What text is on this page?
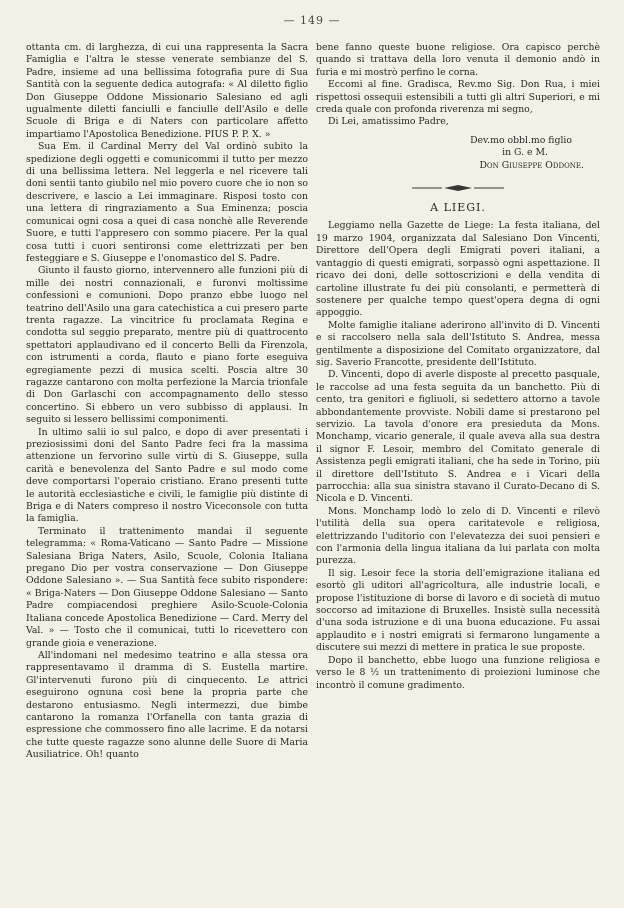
— 149 —

ottanta cm. di larghezza, di cui una rappresenta la Sacra Famiglia e l'altra le stesse venerate sembianze del S. Padre, insieme ad una bellissima fotografia pure di Sua Santità con la seguente dedica autografa: « Al diletto figlio Don Giuseppe Oddone Missionario Salesiano ed agli ugualmente diletti fanciulli e fanciulle dell'Asilo e delle Scuole di Briga e di Naters con particolare affetto impartiamo l'Apostolica Benedizione. PIUS P. P. X. »

Sua Em. il Cardinal Merry del Val ordinò subito la spedizione degli oggetti e comunicommi il tutto per mezzo di una bellissima lettera. Nel leggerla e nel ricevere tali doni sentii tanto giubilo nel mio povero cuore che io non so descrivere, e lascio a Lei immaginare. Risposi tosto con una lettera di ringraziamento a Sua Eminenza; poscia comunicai ogni cosa a quei di casa nonchè alle Reverende Suore, e tutti l'appresero con sommo piacere. Per la qual cosa tutti i cuori sentironsi come elettrizzati per ben festeggiare e S. Giuseppe e l'onomastico del S. Padre.

Giunto il fausto giorno, intervennero alle funzioni più di mille dei nostri connazionali, e furonvi moltissime confessioni e comunioni. Dopo pranzo ebbe luogo nel teatrino dell'Asilo una gara catechistica a cui presero parte trenta ragazze. La vincitrice fu proclamata Regina e condotta sul seggio preparato, mentre più di quattrocento spettatori applaudivano ed il concerto Belli da Firenzola, con istrumenti a corda, flauto e piano forte eseguiva egregiamente pezzi di musica scelti. Poscia altre 30 ragazze cantarono con molta perfezione la Marcia trionfale di Don Garlaschi con accompagnamento dello stesso concertino. Si ebbero un vero subbisso di applausi. In seguito si lessero bellissimi componimenti.

In ultimo salii io sul palco, e dopo di aver presentati i preziosissimi doni del Santo Padre feci fra la massima attenzione un fervorino sulle virtù di S. Giuseppe, sulla carità e benevolenza del Santo Padre e sul modo come deve comportarsi l'operaio cristiano. Erano presenti tutte le autorità ecclesiastiche e civili, le famiglie più distinte di Briga e di Naters compreso il nostro Viceconsole con tutta la famiglia.

Terminato il trattenimento mandai il seguente telegramma: « Roma-Vaticano — Santo Padre — Missione Salesiana Briga Naters, Asilo, Scuole, Colonia Italiana pregano Dio per vostra conservazione — Don Giuseppe Oddone Salesiano ». — Sua Santità fece subito rispondere: « Briga-Naters — Don Giuseppe Oddone Salesiano — Santo Padre compiacendosi preghiere Asilo-Scuole-Colonia Italiana concede Apostolica Benedizione — Card. Merry del Val. » — Tosto che il comunicai, tutti lo ricevettero con grande gioia e venerazione.

All'indomani nel medesimo teatrino e alla stessa ora rappresentavamo il dramma di S. Eustella martire. Gl'intervenuti furono più di cinquecento. Le attrici eseguirono ognuna così bene la propria parte che destarono entusiasmo. Negli intermezzi, due bimbe cantarono la romanza l'Orfanella con tanta grazia di espressione che commossero fino alle lacrime. E da notarsi che tutte queste ragazze sono alunne delle Suore di Maria Ausiliatrice. Oh! quanto

bene fanno queste buone religiose. Ora capisco perchè quando si trattava della loro venuta il demonio andò in furia e mi mostrò perfino le corna.

Eccomi al fine. Gradisca, Rev.mo Sig. Don Rua, i miei rispettosi ossequii estensibili a tutti gli altri Superiori, e mi creda quale con profonda riverenza mi segno,

Di Lei, amatissimo Padre,

Dev.mo obbl.mo figlio
in G. e M.
Don Giuseppe Oddone.
A LIEGI.

Leggiamo nella Gazette de Liege: La festa italiana, del 19 marzo 1904, organizzata dal Salesiano Don Vincenti, Direttore dell'Opera degli Emigrati poveri italiani, a vantaggio di questi emigrati, sorpassò ogni aspettazione. Il ricavo dei doni, delle sottoscrizioni e della vendita di cartoline illustrate fu dei più consolanti, e permetterà di sostenere per qualche tempo quest'opera degna di ogni appoggio.

Molte famiglie italiane aderirono all'invito di D. Vincenti e si raccolsero nella sala dell'Istituto S. Andrea, messa gentilmente a disposizione del Comitato organizzatore, dal sig. Saverio Francotte, presidente dell'Istituto.

D. Vincenti, dopo di averle disposte al precetto pasquale, le raccolse ad una festa seguita da un banchetto. Più di cento, tra genitori e figliuoli, si sedettero attorno a tavole abbondantemente provviste. Nobili dame si prestarono pel servizio. La tavola d'onore era presieduta da Mons. Monchamp, vicario generale, il quale aveva alla sua destra il signor F. Lesoir, membro del Comitato generale di Assistenza pegli emigrati italiani, che ha sede in Torino, più il direttore dell'Istituto S. Andrea e i Vicari della parrocchia: alla sua sinistra stavano il Curato-Decano di S. Nicola e D. Vincenti.

Mons. Monchamp lodò lo zelo di D. Vincenti e rilevò l'utilità della sua opera caritatevole e religiosa, elettrizzando l'uditorio con l'elevatezza dei suoi pensieri e con l'armonia della lingua italiana da lui parlata con molta purezza.

Il sig. Lesoir fece la storia dell'emigrazione italiana ed esortò gli uditori all'agricoltura, alle industrie locali, e propose l'istituzione di borse di lavoro e di società di mutuo soccorso ad imitazione di Bruxelles. Insistè sulla necessità d'una soda istruzione e di una buona educazione. Fu assai applaudito e i nostri emigrati si fermarono lungamente a discutere sui mezzi di mettere in pratica le sue proposte.

Dopo il banchetto, ebbe luogo una funzione religiosa e verso le 8 ½ un trattenimento di proiezioni luminose che incontrò il comune gradimento.
